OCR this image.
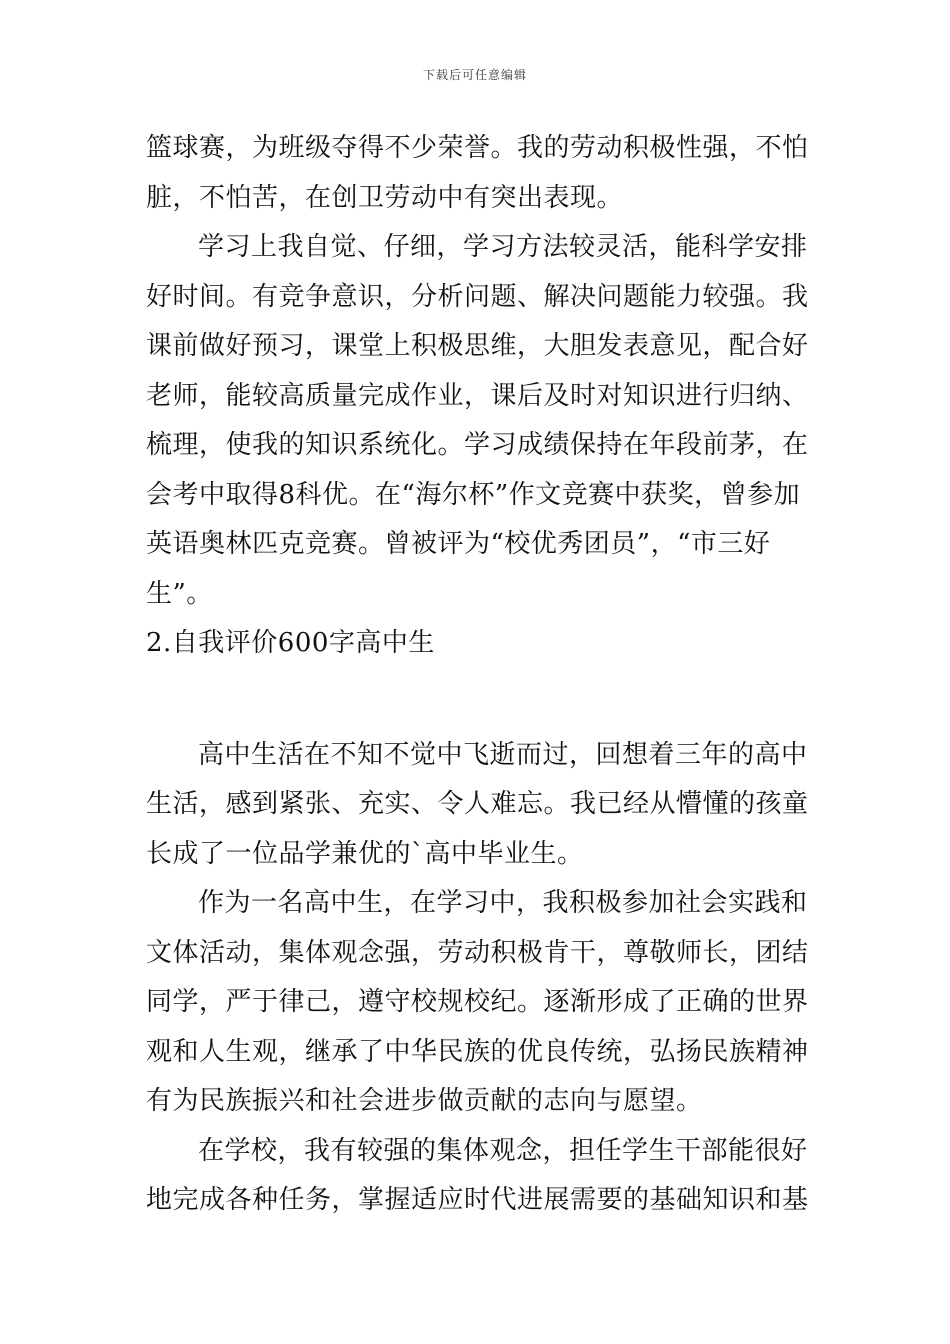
下载后可任意编辑
篮球赛，为班级夺得不少荣誉。我的劳动积极性强，不怕
脏，不怕苦，在创卫劳动中有突出表现。
学习上我自觉、仔细，学习方法较灵活，能科学安排
好时间。有竞争意识，分析问题、解决问题能力较强。我
课前做好预习，课堂上积极思维，大胆发表意见，配合好
老师，能较高质量完成作业，课后及时对知识进行归纳、
梳理，使我的知识系统化。学习成绩保持在年段前茅，在
会考中取得8科优。在“海尔杯”作文竞赛中获奖，曾参加
英语奥林匹克竞赛。曾被评为“校优秀团员”，“市三好
生”。
2.自我评价600字高中生
高中生活在不知不觉中飞逝而过，回想着三年的高中
生活，感到紧张、充实、令人难忘。我已经从懵懂的孩童
长成了一位品学兼优的`高中毕业生。
作为一名高中生，在学习中，我积极参加社会实践和
文体活动，集体观念强，劳动积极肯干，尊敬师长，团结
同学，严于律己，遵守校规校纪。逐渐形成了正确的世界
观和人生观，继承了中华民族的优良传统，弘扬民族精神
有为民族振兴和社会进步做贡献的志向与愿望。
在学校，我有较强的集体观念，担任学生干部能很好
地完成各种任务，掌握适应时代进展需要的基础知识和基
